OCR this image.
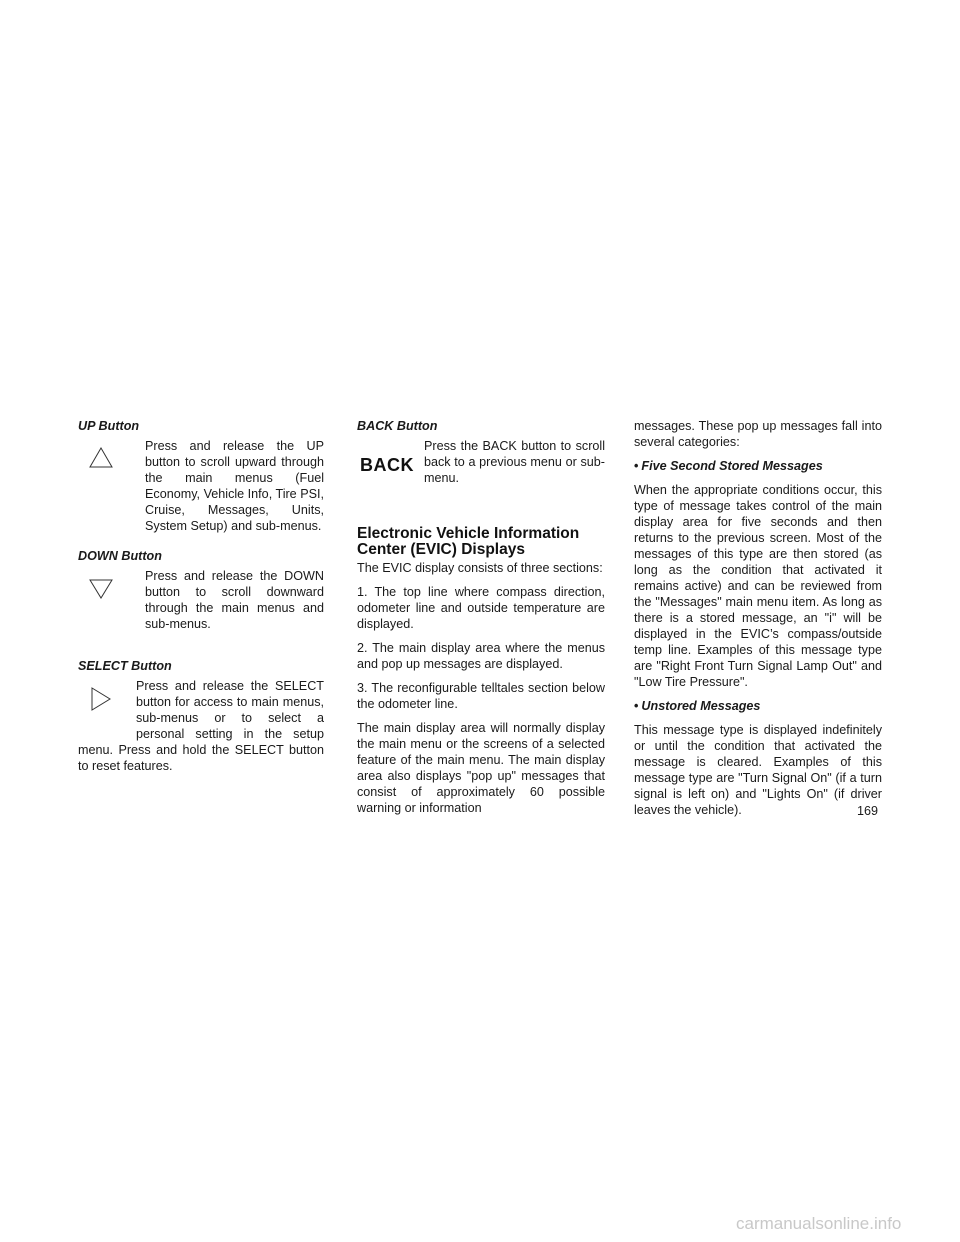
UP Button
Press and release the UP button to scroll upward through the main menus (Fuel Economy, Vehicle Info, Tire PSI, Cruise, Messages, Units, System Setup) and sub-menus.
DOWN Button
Press and release the DOWN button to scroll downward through the main menus and sub-menus.
SELECT Button
Press and release the SELECT button for access to main menus, sub-menus or to select a personal setting in the setup menu. Press and hold the SELECT button to reset features.
BACK Button
BACK
Press the BACK button to scroll back to a previous menu or sub-menu.
Electronic Vehicle Information Center (EVIC) Displays

The EVIC display consists of three sections:

1. The top line where compass direction, odometer line and outside temperature are displayed.

2. The main display area where the menus and pop up messages are displayed.

3. The reconfigurable telltales section below the odometer line.

The main display area will normally display the main menu or the screens of a selected feature of the main menu. The main display area also displays "pop up" messages that consist of approximately 60 possible warning or information

messages. These pop up messages fall into several categories:

• Five Second Stored Messages

When the appropriate conditions occur, this type of message takes control of the main display area for five seconds and then returns to the previous screen. Most of the messages of this type are then stored (as long as the condition that activated it remains active) and can be reviewed from the "Messages" main menu item. As long as there is a stored message, an "i" will be displayed in the EVIC’s compass/outside temp line. Examples of this message type are "Right Front Turn Signal Lamp Out" and "Low Tire Pressure".

• Unstored Messages

This message type is displayed indefinitely or until the condition that activated the message is cleared. Examples of this message type are "Turn Signal On" (if a turn signal is left on) and "Lights On" (if driver leaves the vehicle).	169
carmanualsonline.info
